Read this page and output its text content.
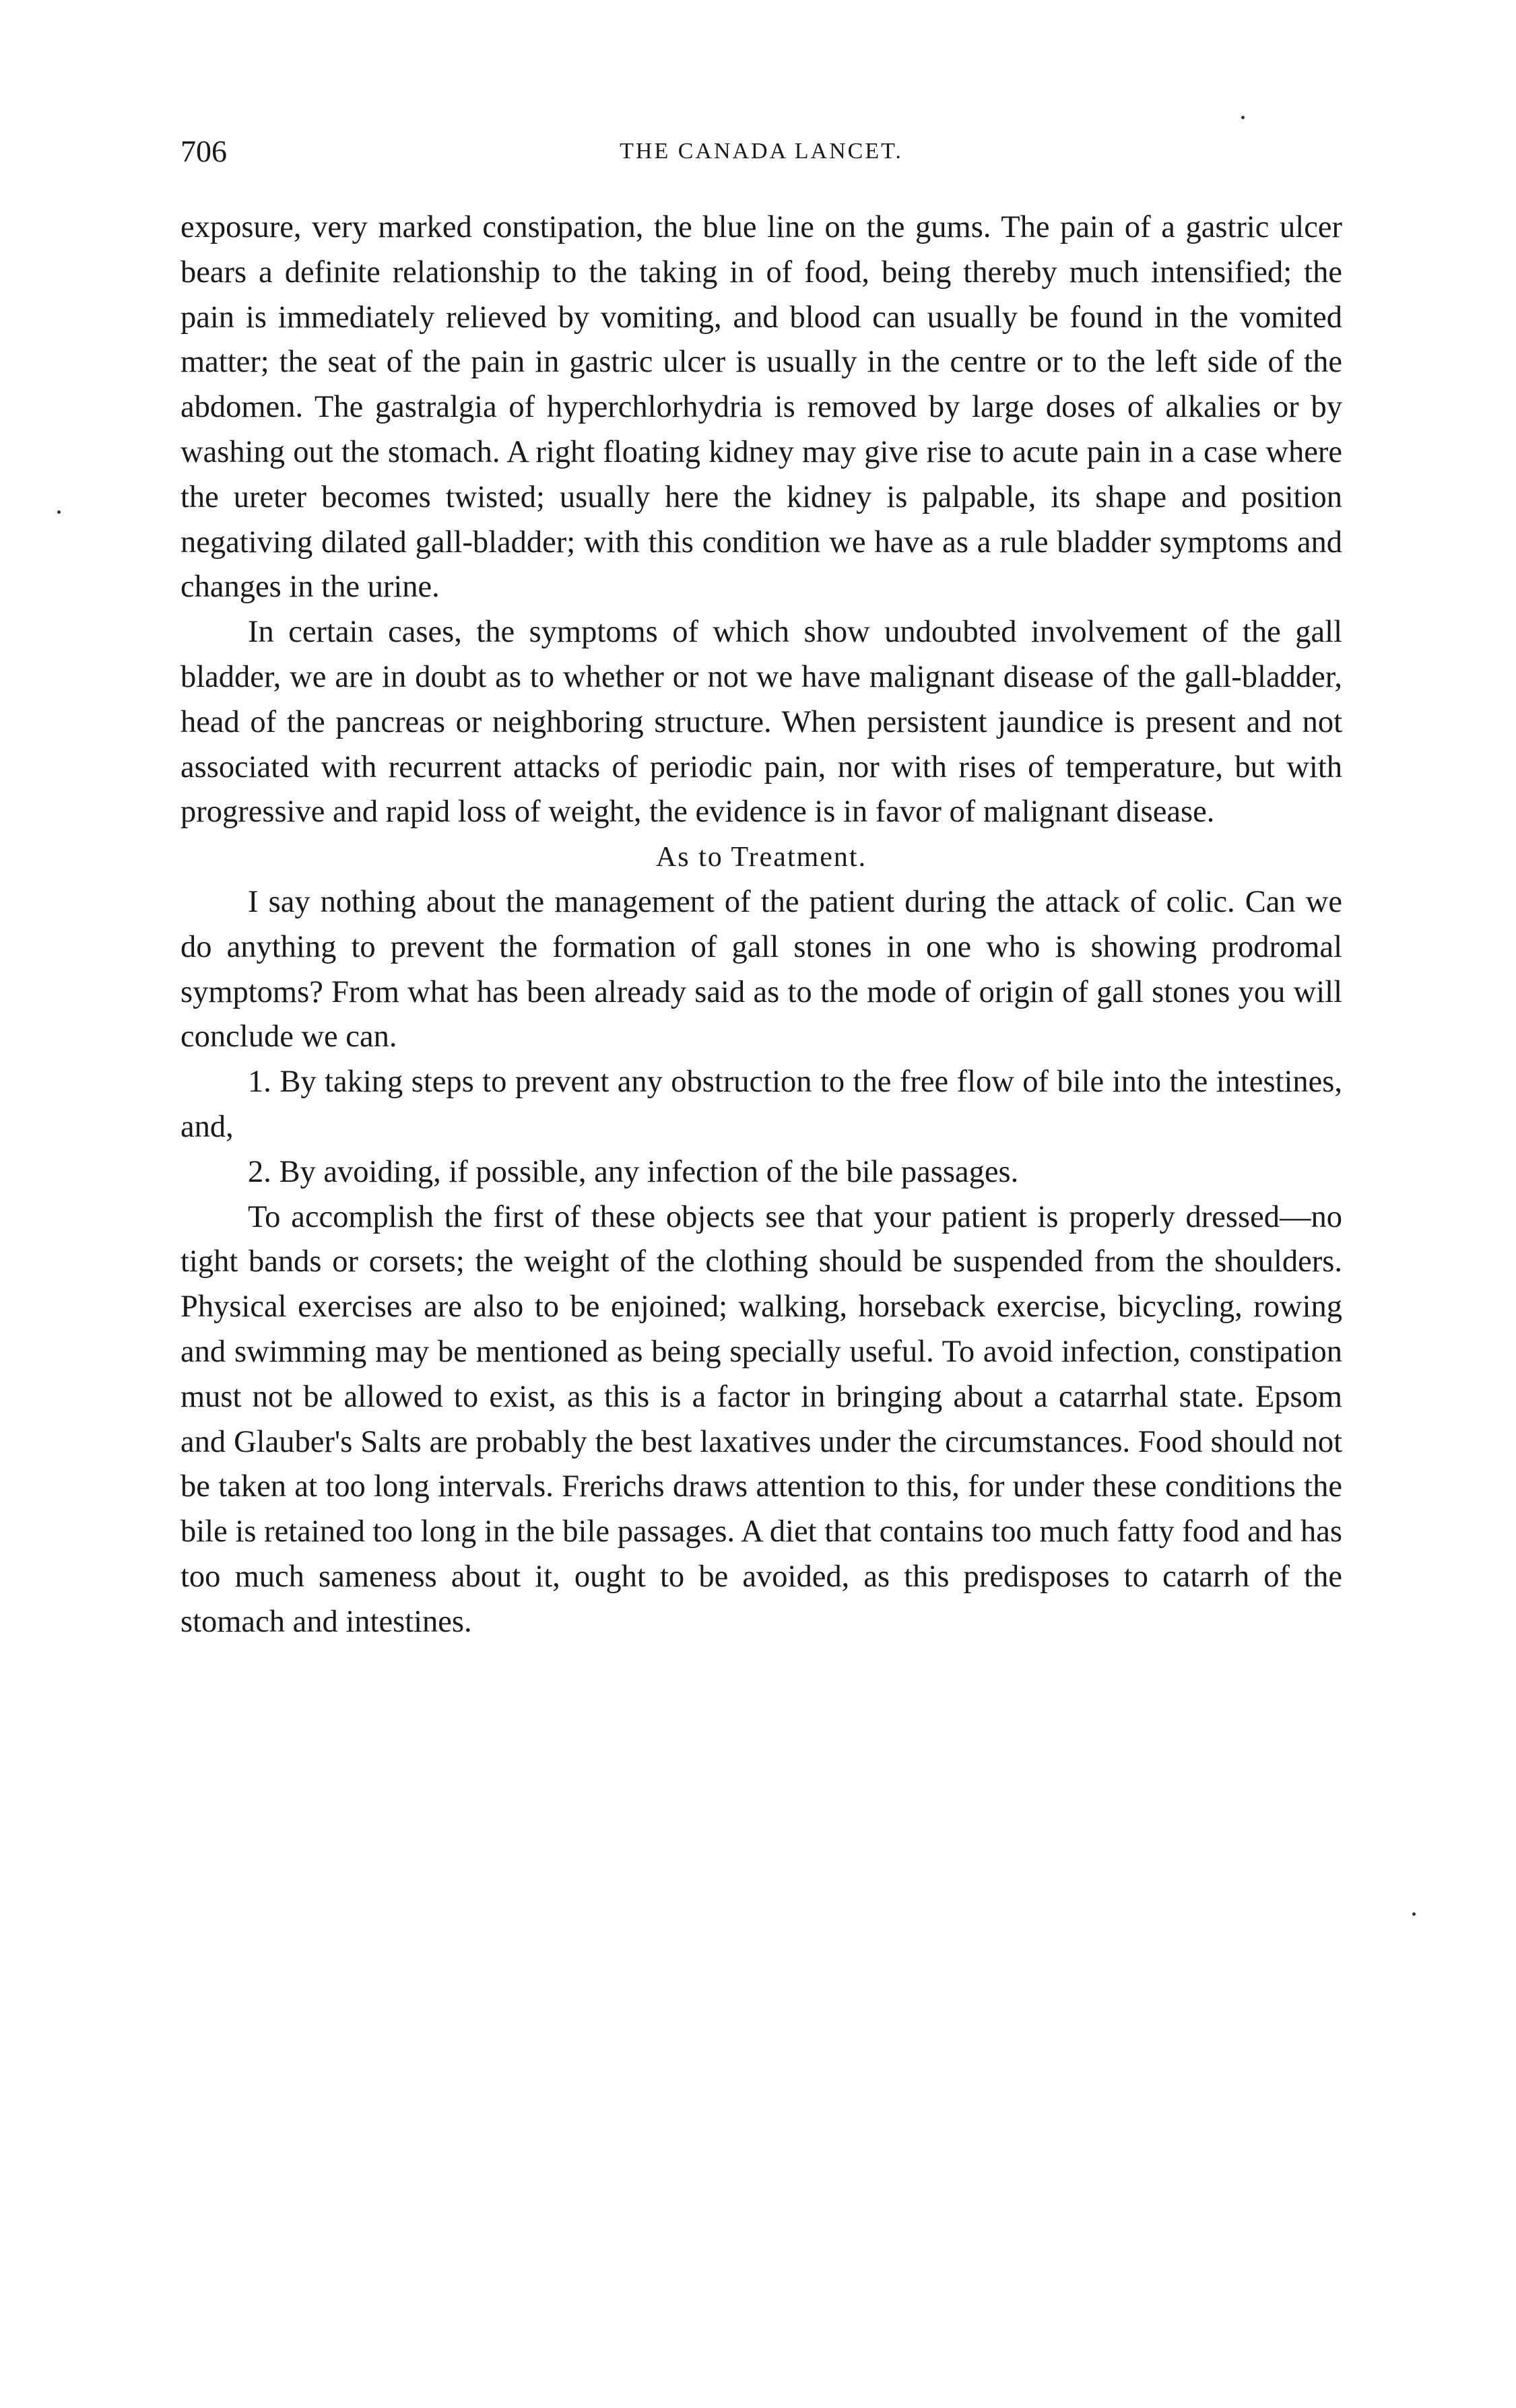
706	THE CANADA LANCET.

exposure, very marked constipation, the blue line on the gums. The pain of a gastric ulcer bears a definite relationship to the taking in of food, being thereby much intensified; the pain is immediately relieved by vomiting, and blood can usually be found in the vomited matter; the seat of the pain in gastric ulcer is usually in the centre or to the left side of the abdomen. The gastralgia of hyperchlorhydria is removed by large doses of alkalies or by washing out the stomach. A right floating kidney may give rise to acute pain in a case where the ureter becomes twisted; usually here the kidney is palpable, its shape and position negativing dilated gall-bladder; with this condition we have as a rule bladder symptoms and changes in the urine.

In certain cases, the symptoms of which show undoubted involvement of the gall bladder, we are in doubt as to whether or not we have malignant disease of the gall-bladder, head of the pancreas or neighboring structure. When persistent jaundice is present and not associated with recurrent attacks of periodic pain, nor with rises of temperature, but with progressive and rapid loss of weight, the evidence is in favor of malignant disease.

As to Treatment.

I say nothing about the management of the patient during the attack of colic. Can we do anything to prevent the formation of gall stones in one who is showing prodromal symptoms? From what has been already said as to the mode of origin of gall stones you will conclude we can.

1. By taking steps to prevent any obstruction to the free flow of bile into the intestines, and,

2. By avoiding, if possible, any infection of the bile passages.

To accomplish the first of these objects see that your patient is properly dressed—no tight bands or corsets; the weight of the clothing should be suspended from the shoulders. Physical exercises are also to be enjoined; walking, horseback exercise, bicycling, rowing and swimming may be mentioned as being specially useful. To avoid infection, constipation must not be allowed to exist, as this is a factor in bringing about a catarrhal state. Epsom and Glauber's Salts are probably the best laxatives under the circumstances. Food should not be taken at too long intervals. Frerichs draws attention to this, for under these conditions the bile is retained too long in the bile passages. A diet that contains too much fatty food and has too much sameness about it, ought to be avoided, as this predisposes to catarrh of the stomach and intestines.
